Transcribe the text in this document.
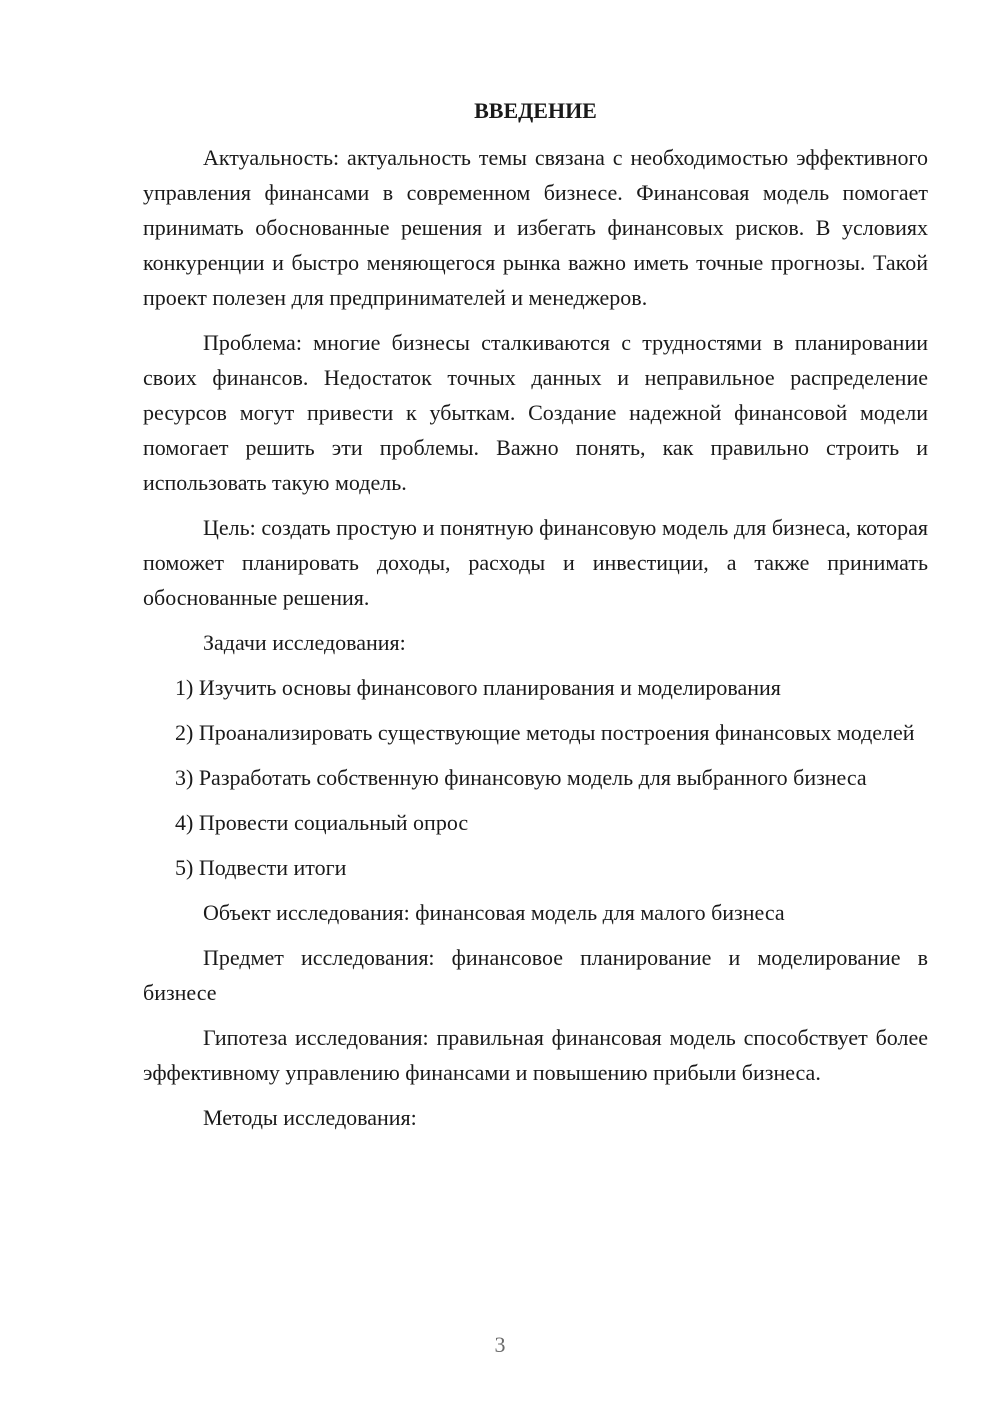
ВВЕДЕНИЕ

Актуальность: актуальность темы связана с необходимостью эффективного управления финансами в современном бизнесе. Финансовая модель помогает принимать обоснованные решения и избегать финансовых рисков. В условиях конкуренции и быстро меняющегося рынка важно иметь точные прогнозы. Такой проект полезен для предпринимателей и менеджеров.

Проблема: многие бизнесы сталкиваются с трудностями в планировании своих финансов. Недостаток точных данных и неправильное распределение ресурсов могут привести к убыткам. Создание надежной финансовой модели помогает решить эти проблемы. Важно понять, как правильно строить и использовать такую модель.

Цель: создать простую и понятную финансовую модель для бизнеса, которая поможет планировать доходы, расходы и инвестиции, а также принимать обоснованные решения.

Задачи исследования:

1) Изучить основы финансового планирования и моделирования

2) Проанализировать существующие методы построения финансовых моделей

3) Разработать собственную финансовую модель для выбранного бизнеса

4) Провести социальный опрос

5) Подвести итоги

Объект исследования: финансовая модель для малого бизнеса

Предмет исследования: финансовое планирование и моделирование в бизнесе

Гипотеза исследования: правильная финансовая модель способствует более эффективному управлению финансами и повышению прибыли бизнеса.

Методы исследования:

3
